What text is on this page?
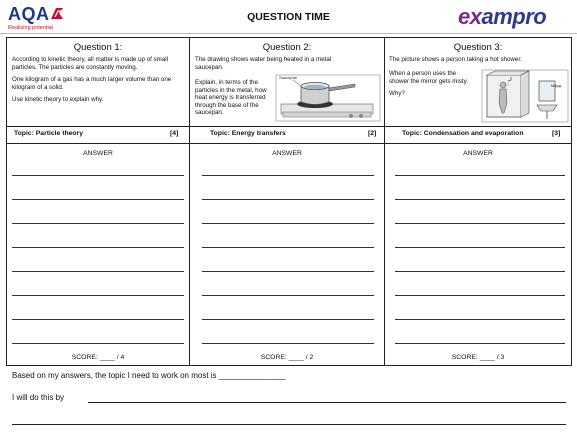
AQA
Realising potential
QUESTION TIME	exampro
Question 1:

According to kinetic theory, all matter is made up of small particles. The particles are constantly moving.

One kilogram of a gas has a much larger volume than one kilogram of a solid.

Use kinetic theory to explain why.

Topic: Particle theory	[4]
ANSWER
SCORE: ____ / 4
Question 2:
The drawing shows water being heated in a metal saucepan.
Explain, in terms of the particles in the metal, how heat energy is transferred through the base of the saucepan.
Saucepan
Topic: Energy transfers	[2]
ANSWER
SCORE: ____ / 2
Question 3:
The picture shows a person taking a hot shower.

When a person uses the shower the mirror gets misty.

Why?

Mirror
Topic: Condensation and evaporation	[3]
ANSWER
SCORE: ____ / 3
Based on my answers, the topic I need to work on most is _______________
I will do this by
